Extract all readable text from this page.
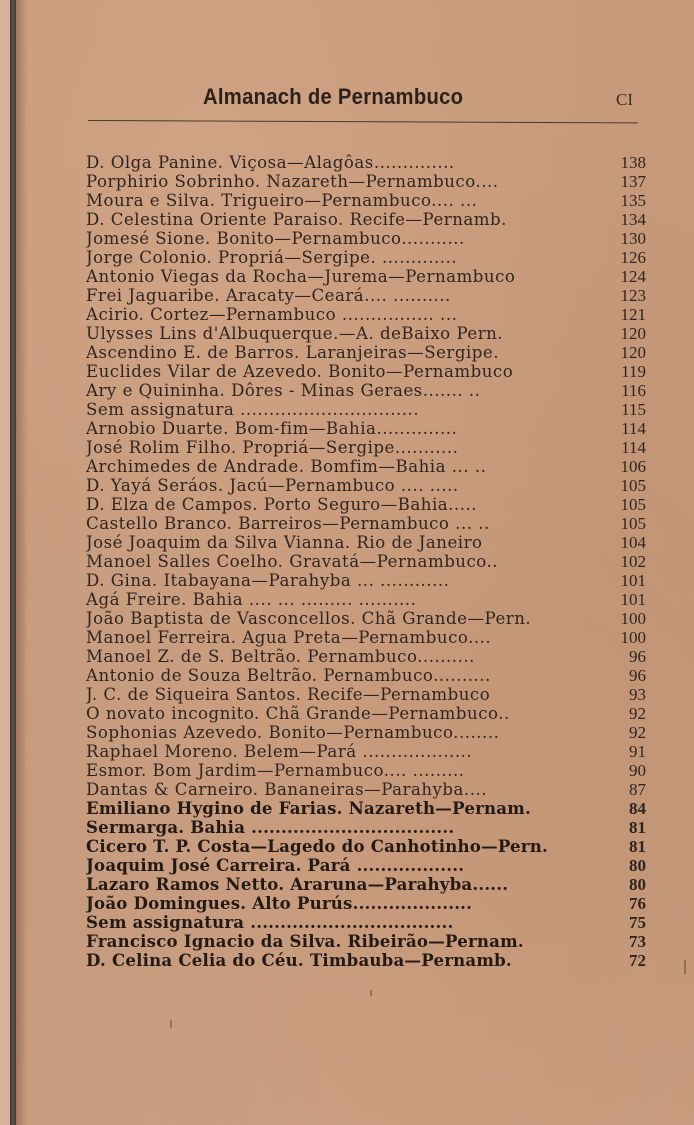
Almanach de Pernambuco	CI
D. Olga Panine. Viçosa—Alagôas..............	138
Porphirio Sobrinho. Nazareth—Pernambuco....	137
Moura e Silva. Trigueiro—Pernambuco.... ...	135
D. Celestina Oriente Paraiso. Recife—Pernamb.	134
Jomesé Sione. Bonito—Pernambuco...........	130
Jorge Colonio. Propriá—Sergipe. .............	126
Antonio Viegas da Rocha—Jurema—Pernambuco	124
Frei Jaguaribe. Aracaty—Ceará.... ..........	123
Acirio. Cortez—Pernambuco ................ ...	121
Ulysses Lins d'Albuquerque.—A. deBaixo Pern.	120
Ascendino E. de Barros. Laranjeiras—Sergipe.	120
Euclides Vilar de Azevedo. Bonito—Pernambuco	119
Ary e Quininha. Dôres - Minas Geraes....... ..	116
Sem assignatura ...............................	115
Arnobio Duarte. Bom-fim—Bahia..............	114
José Rolim Filho. Propriá—Sergipe...........	114
Archimedes de Andrade. Bomfim—Bahia ... ..	106
D. Yayá Seráos. Jacú—Pernambuco .... .....	105
D. Elza de Campos. Porto Seguro—Bahia.....	105
Castello Branco. Barreiros—Pernambuco ... ..	105
José Joaquim da Silva Vianna. Rio de Janeiro	104
Manoel Salles Coelho. Gravatá—Pernambuco..	102
D. Gina. Itabayana—Parahyba ... ............	101
Agá Freire. Bahia .... ... ......... ..........	101
João Baptista de Vasconcellos. Chã Grande—Pern.	100
Manoel Ferreira. Agua Preta—Pernambuco....	100
Manoel Z. de S. Beltrão. Pernambuco..........	96
Antonio de Souza Beltrão. Pernambuco..........	96
J. C. de Siqueira Santos. Recife—Pernambuco	93
O novato incognito. Chã Grande—Pernambuco..	92
Sophonias Azevedo. Bonito—Pernambuco........	92
Raphael Moreno. Belem—Pará ...................	91
Esmor. Bom Jardim—Pernambuco.... .........	90
Dantas & Carneiro. Bananeiras—Parahyba....	87
Emiliano Hygino de Farias. Nazareth—Pernam.	84
Sermarga. Bahia ..................................	81
Cicero T. P. Costa—Lagedo do Canhotinho—Pern.	81
Joaquim José Carreira. Pará ..................	80
Lazaro Ramos Netto. Araruna—Parahyba......	80
João Domingues. Alto Purús....................	76
Sem assignatura ..................................	75
Francisco Ignacio da Silva. Ribeirão—Pernam.	73
D. Celina Celia do Céu. Timbauba—Pernamb.	72
